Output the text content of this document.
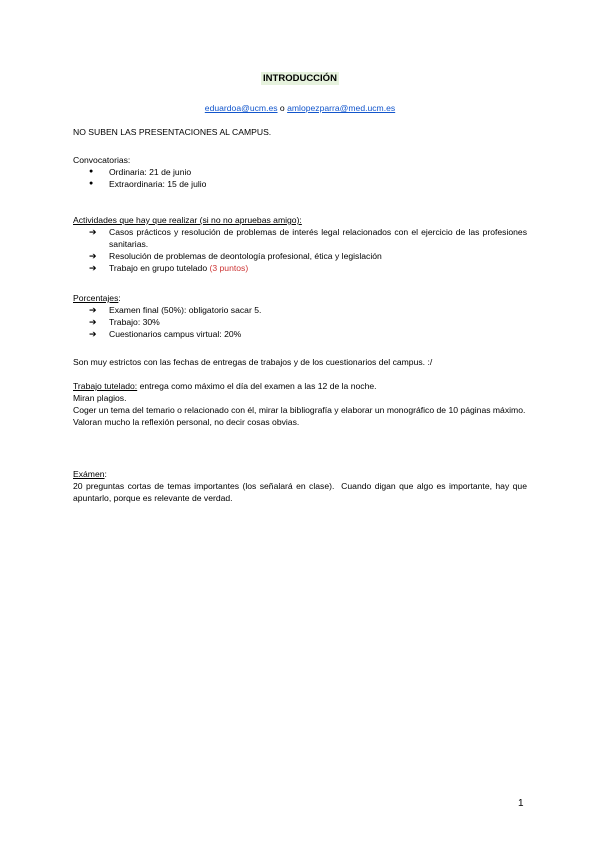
INTRODUCCIÓN
eduardoa@ucm.es o amlopezparra@med.ucm.es
NO SUBEN LAS PRESENTACIONES AL CAMPUS.
Convocatorias:
● Ordinaria: 21 de junio
● Extraordinaria: 15 de julio
Actividades que hay que realizar (si no no apruebas amigo):
➔ Casos prácticos y resolución de problemas de interés legal relacionados con el ejercicio de las profesiones sanitarias.
➔ Resolución de problemas de deontología profesional, ética y legislación
➔ Trabajo en grupo tutelado (3 puntos)
Porcentajes:
➔ Examen final (50%): obligatorio sacar 5.
➔ Trabajo: 30%
➔ Cuestionarios campus virtual: 20%
Son muy estrictos con las fechas de entregas de trabajos y de los cuestionarios del campus. :/
Trabajo tutelado: entrega como máximo el día del examen a las 12 de la noche.
Miran plagios.
Coger un tema del temario o relacionado con él, mirar la bibliografía y elaborar un monográfico de 10 páginas máximo.
Valoran mucho la reflexión personal, no decir cosas obvias.
Exámen:
20 preguntas cortas de temas importantes (los señalará en clase).  Cuando digan que algo es importante, hay que apuntarlo, porque es relevante de verdad.
1
